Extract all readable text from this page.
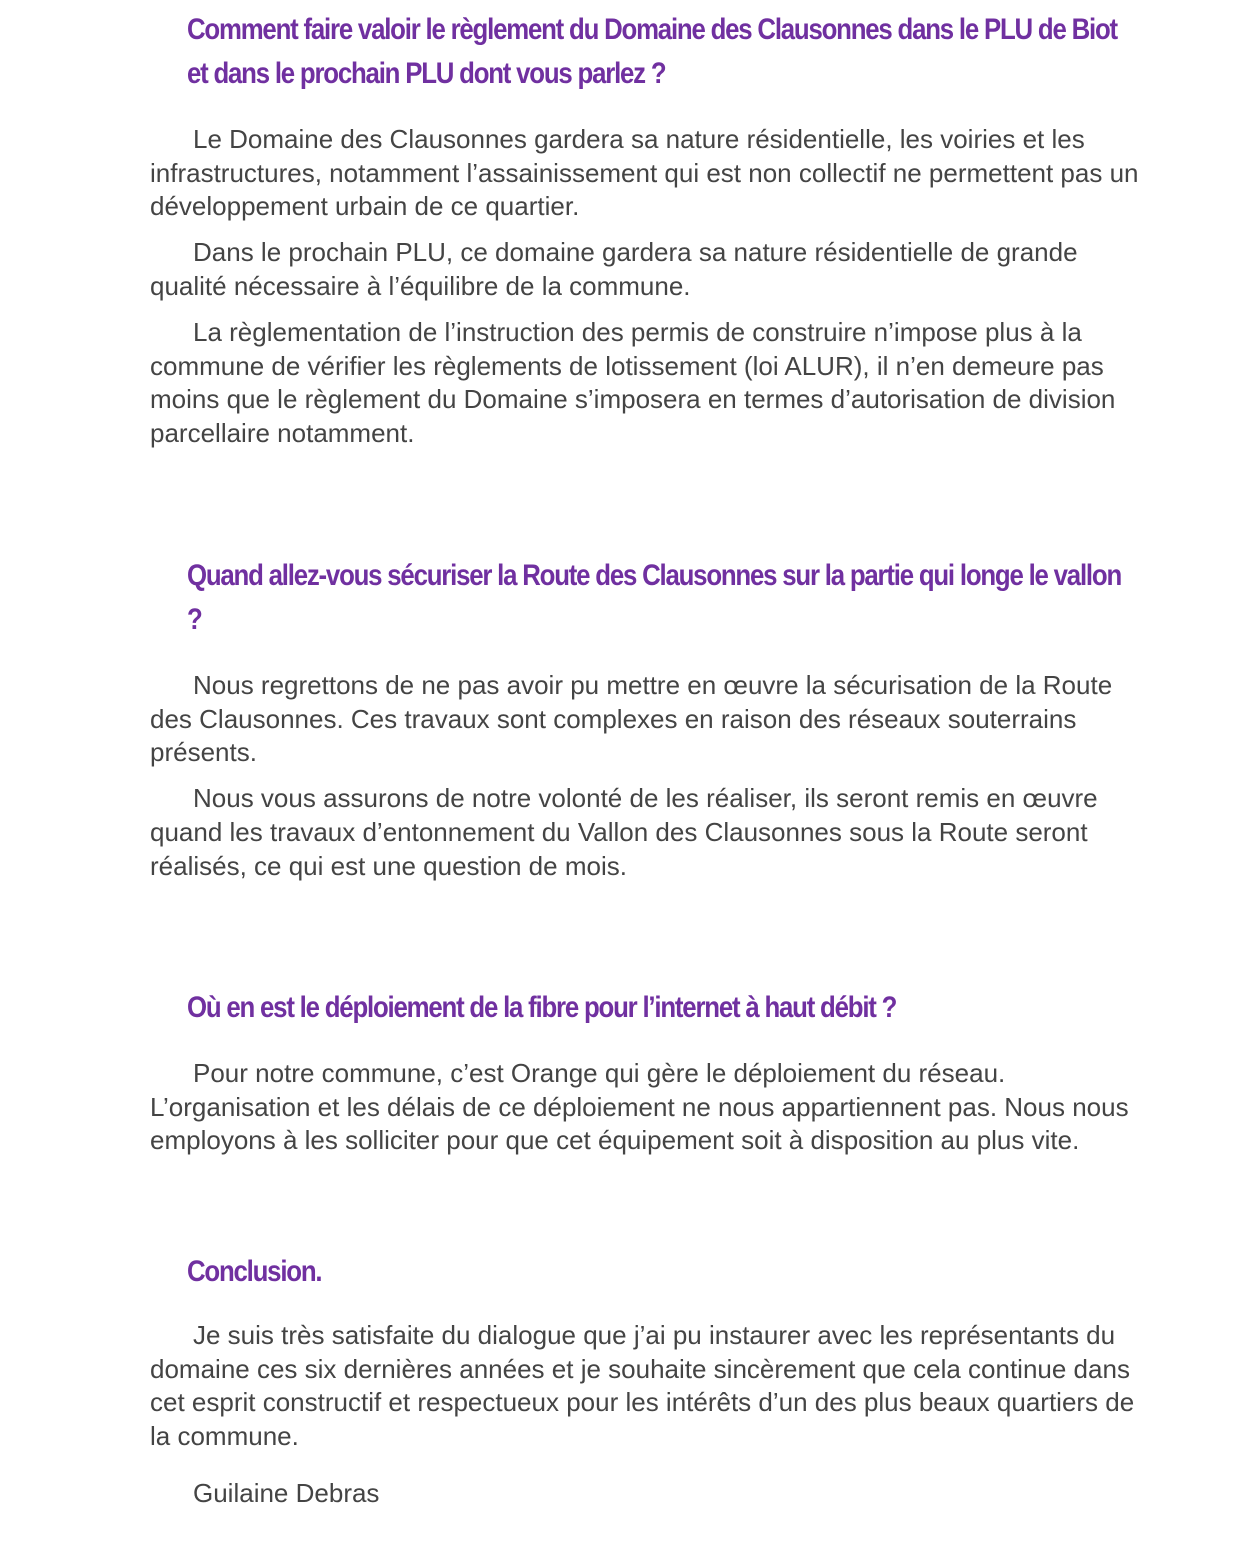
Comment faire valoir le règlement du Domaine des Clausonnes dans le PLU de Biot et dans le prochain PLU dont vous parlez ?

Le Domaine des Clausonnes gardera sa nature résidentielle, les voiries et les infrastructures, notamment l’assainissement qui est non collectif ne permettent pas un développement urbain de ce quartier.

Dans le prochain PLU, ce domaine gardera sa nature résidentielle de grande qualité nécessaire à l’équilibre de la commune.

La règlementation de l’instruction des permis de construire n’impose plus à la commune de vérifier les règlements de lotissement (loi ALUR), il n’en demeure pas moins que le règlement du Domaine s’imposera en termes d’autorisation de division parcellaire notamment.

Quand allez-vous sécuriser la Route des Clausonnes sur la partie qui longe le vallon ?

Nous regrettons de ne pas avoir pu mettre en œuvre la sécurisation de la Route des Clausonnes. Ces travaux sont complexes en raison des réseaux souterrains présents.

Nous vous assurons de notre volonté de les réaliser, ils seront remis en œuvre quand les travaux d’entonnement du Vallon des Clausonnes sous la Route seront réalisés, ce qui est une question de mois.

Où en est le déploiement de la fibre pour l’internet à haut débit ?

Pour notre commune, c’est Orange qui gère le déploiement du réseau. L’organisation et les délais de ce déploiement ne nous appartiennent pas. Nous nous employons à les solliciter pour que cet équipement soit à disposition au plus vite.

Conclusion.

Je suis très satisfaite du dialogue que j’ai pu instaurer avec les représentants du domaine ces six dernières années et je souhaite sincèrement que cela continue dans cet esprit constructif et respectueux pour les intérêts d’un des plus beaux quartiers de la commune.

Guilaine Debras
